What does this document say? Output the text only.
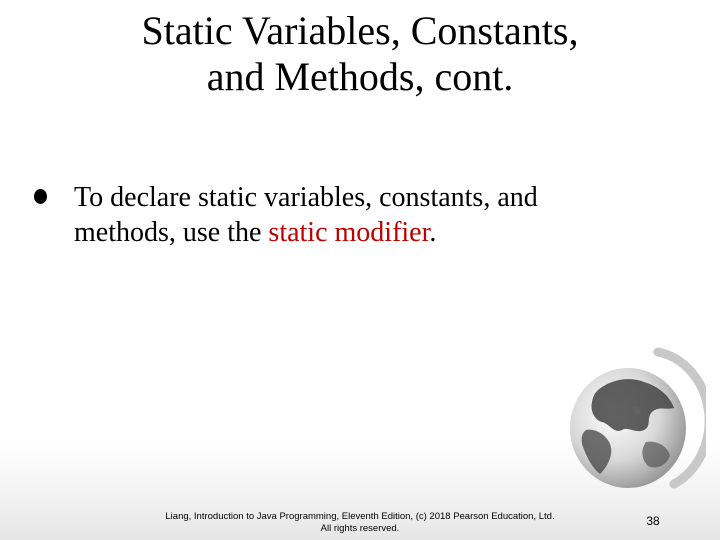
Static Variables, Constants,
and Methods, cont.
To declare static variables, constants, and methods, use the static modifier.
Liang, Introduction to Java Programming, Eleventh Edition, (c) 2018 Pearson Education, Ltd.
All rights reserved.
38
